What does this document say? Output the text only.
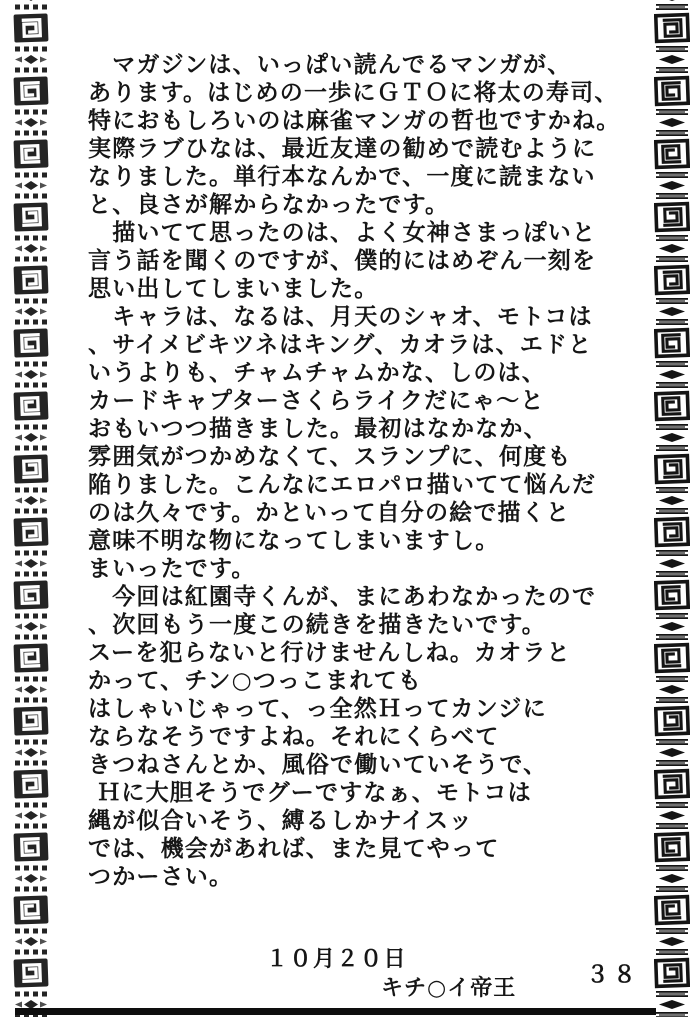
　マガジンは、いっぱい読んでるマンガが、
あります。はじめの一歩にＧＴＯに将太の寿司、
特におもしろいのは麻雀マンガの哲也ですかね。
実際ラブひなは、最近友達の勧めで読むように
なりました。単行本なんかで、一度に読まない
と、良さが解からなかったです。
　描いてて思ったのは、よく女神さまっぽいと
言う話を聞くのですが、僕的にはめぞん一刻を
思い出してしまいました。
　キャラは、なるは、月天のシャオ、モトコは
、サイメビキツネはキング、カオラは、エドと
いうよりも、チャムチャムかな、しのは、
カードキャプターさくらライクだにゃ～と
おもいつつ描きました。最初はなかなか、
雰囲気がつかめなくて、スランプに、何度も
陥りました。こんなにエロパロ描いてて悩んだ
のは久々です。かといって自分の絵で描くと
意味不明な物になってしまいますし。
まいったです。
　今回は紅園寺くんが、まにあわなかったので
、次回もう一度この続きを描きたいです。
スーを犯らないと行けませんしね。カオラと
かって、チン○つっこまれても
はしゃいじゃって、っ全然Ｈってカンジに
ならなそうですよね。それにくらべて
きつねさんとか、風俗で働いていそうで、
Ｈに大胆そうでグーですなぁ、モトコは
縄が似合いそう、縛るしかナイスッ
では、機会があれば、また見てやって
つかーさい。
１０月２０日
キチ○イ帝王
３８
